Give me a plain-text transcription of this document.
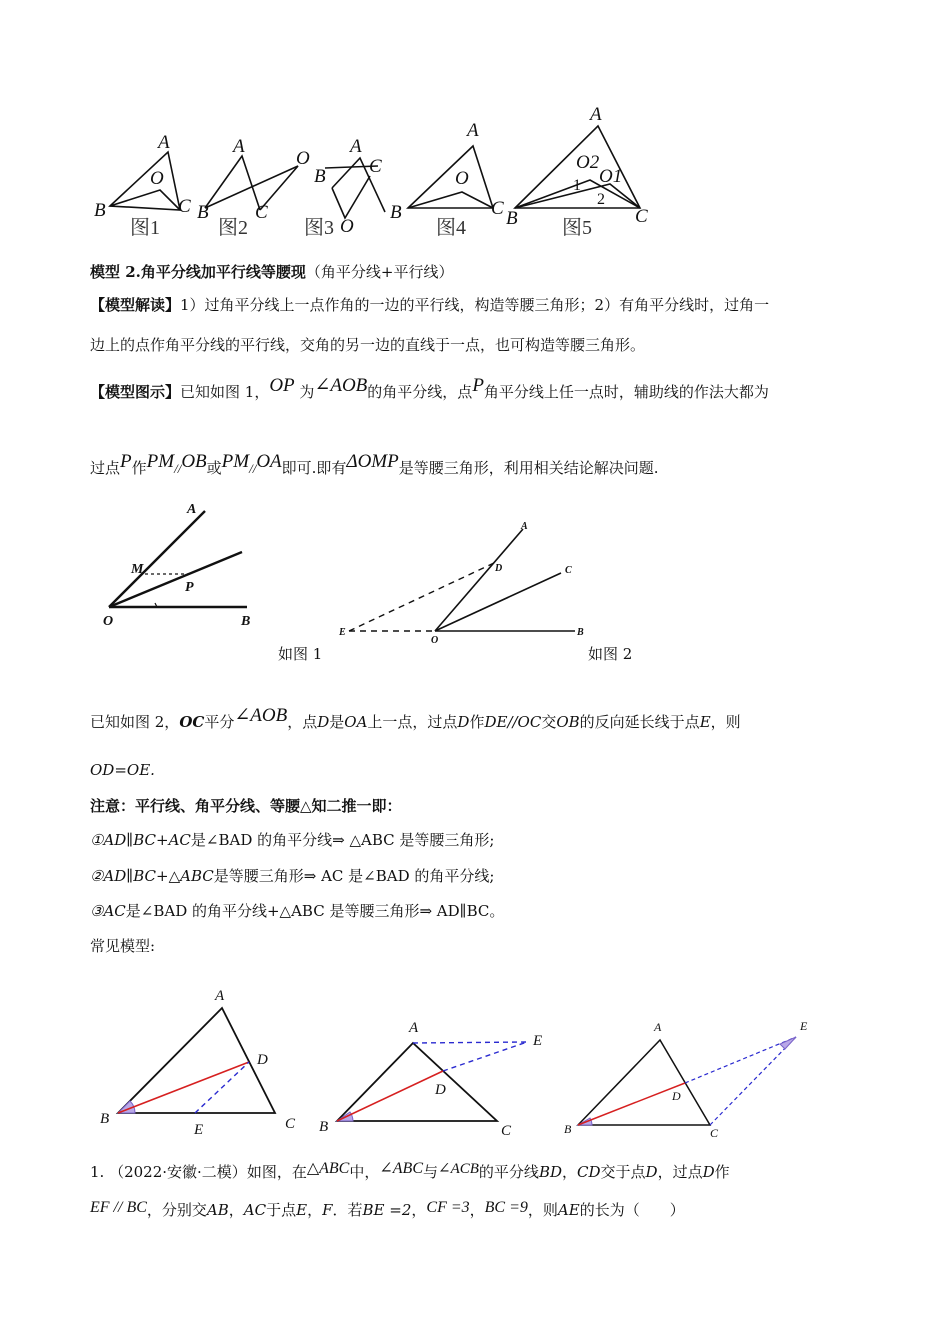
A
B	C
O
A
O
B C
A
C
B
O
A
O
B	C
A
O2
O1
B	C
1
2
图1	图2	图3	图4	图5
模型 2.角平分线加平行线等腰现（角平分线+平行线）
【模型解读】1）过角平分线上一点作角的一边的平行线，构造等腰三角形；2）有角平分线时，过角一
边上的点作角平分线的平行线，交角的另一边的直线于一点，也可构造等腰三角形。
【模型图示】已知如图 1，OP 为∠AOB的角平分线，点P角平分线上任一点时，辅助线的作法大都为
过点P作PM//OB或PM//OA即可.即有ΔOMP是等腰三角形，利用相关结论解决问题.
A
M
P
O	B
A
D	C
E
O
B
如图 1	如图 2
已知如图 2，OC平分∠AOB，点D是OA上一点，过点D作DE//OC交OB的反向延长线于点E，则
OD=OE.
注意：平行线、角平分线、等腰△知二推一即：
①AD∥BC+AC是∠BAD 的角平分线⇒ △ABC 是等腰三角形;
②AD∥BC+△ABC是等腰三角形⇒ AC 是∠BAD 的角平分线;
③AC是∠BAD 的角平分线+△ABC 是等腰三角形⇒ AD∥BC。
常见模型:
A
D
B
E	C
A
E
D
B	C
A	E
D
B	C
1. （2022·安徽·二模）如图，在△ABC中，∠ABC与∠ACB的平分线BD，CD交于点D，过点D作
EF // BC，分别交AB，AC于点E，F．若BE =2，CF =3，BC =9，则AE的长为（　　）
